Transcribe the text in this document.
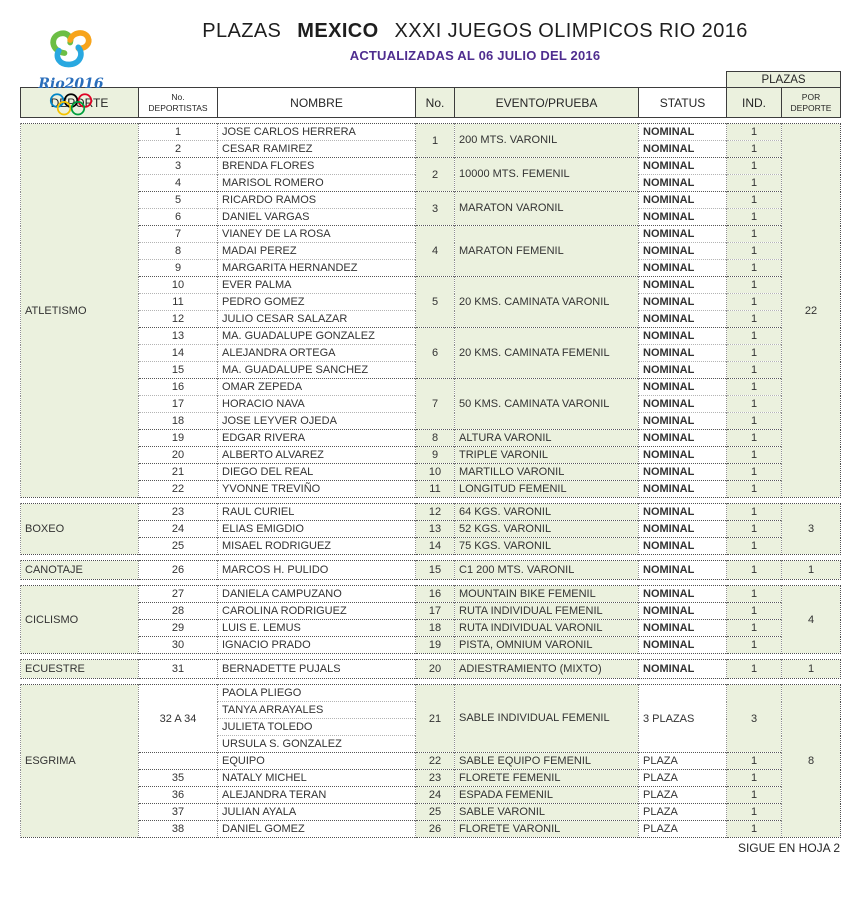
Rio2016
PLAZAS MEXICO XXXI JUEGOS OLIMPICOS RIO 2016
ACTUALIZADAS AL 06 JULIO DEL 2016
						PLAZAS	
DEPORTE	No.
DEPORTISTAS	NOMBRE	No.	EVENTO/PRUEBA	STATUS	IND.	POR
DEPORTE
ATLETISMO	1	JOSE CARLOS HERRERA	1	200 MTS. VARONIL	NOMINAL	1	22
	2	CESAR RAMIREZ			NOMINAL	1	
	3	BRENDA FLORES	2	10000 MTS. FEMENIL	NOMINAL	1	
	4	MARISOL ROMERO			NOMINAL	1	
	5	RICARDO RAMOS	3	MARATON VARONIL	NOMINAL	1	
	6	DANIEL VARGAS			NOMINAL	1	
	7	VIANEY DE LA ROSA	4	MARATON FEMENIL	NOMINAL	1	
	8	MADAI PEREZ			NOMINAL	1	
	9	MARGARITA HERNANDEZ			NOMINAL	1	
	10	EVER PALMA	5	20 KMS. CAMINATA VARONIL	NOMINAL	1	
	11	PEDRO GOMEZ			NOMINAL	1	
	12	JULIO CESAR SALAZAR			NOMINAL	1	
	13	MA. GUADALUPE GONZALEZ	6	20 KMS. CAMINATA FEMENIL	NOMINAL	1	
	14	ALEJANDRA ORTEGA			NOMINAL	1	
	15	MA. GUADALUPE SANCHEZ			NOMINAL	1	
	16	OMAR ZEPEDA	7	50 KMS. CAMINATA VARONIL	NOMINAL	1	
	17	HORACIO NAVA			NOMINAL	1	
	18	JOSE LEYVER OJEDA			NOMINAL	1	
	19	EDGAR RIVERA	8	ALTURA VARONIL	NOMINAL	1	
	20	ALBERTO ALVAREZ	9	TRIPLE VARONIL	NOMINAL	1	
	21	DIEGO DEL REAL	10	MARTILLO VARONIL	NOMINAL	1	
	22	YVONNE TREVIÑO	11	LONGITUD FEMENIL	NOMINAL	1	
BOXEO	23	RAUL CURIEL	12	64 KGS. VARONIL	NOMINAL	1	3
	24	ELIAS EMIGDIO	13	52 KGS. VARONIL	NOMINAL	1	
	25	MISAEL RODRIGUEZ	14	75 KGS. VARONIL	NOMINAL	1	
CANOTAJE	26	MARCOS H. PULIDO	15	C1 200 MTS. VARONIL	NOMINAL	1	1
CICLISMO	27	DANIELA CAMPUZANO	16	MOUNTAIN BIKE FEMENIL	NOMINAL	1	4
	28	CAROLINA RODRIGUEZ	17	RUTA INDIVIDUAL FEMENIL	NOMINAL	1	
	29	LUIS E. LEMUS	18	RUTA INDIVIDUAL VARONIL	NOMINAL	1	
	30	IGNACIO PRADO	19	PISTA, OMNIUM VARONIL	NOMINAL	1	
ECUESTRE	31	BERNADETTE PUJALS	20	ADIESTRAMIENTO (MIXTO)	NOMINAL	1	1
ESGRIMA	32 A 34	PAOLA PLIEGO	21	SABLE INDIVIDUAL FEMENIL	3 PLAZAS	3	8
		TANYA ARRAYALES					
		JULIETA TOLEDO					
		URSULA S. GONZALEZ					
		EQUIPO	22	SABLE EQUIPO FEMENIL	PLAZA	1	
	35	NATALY MICHEL	23	FLORETE FEMENIL	PLAZA	1	
	36	ALEJANDRA TERAN	24	ESPADA FEMENIL	PLAZA	1	
	37	JULIAN AYALA	25	SABLE VARONIL	PLAZA	1	
	38	DANIEL GOMEZ	26	FLORETE VARONIL	PLAZA	1	
SIGUE EN HOJA 2
